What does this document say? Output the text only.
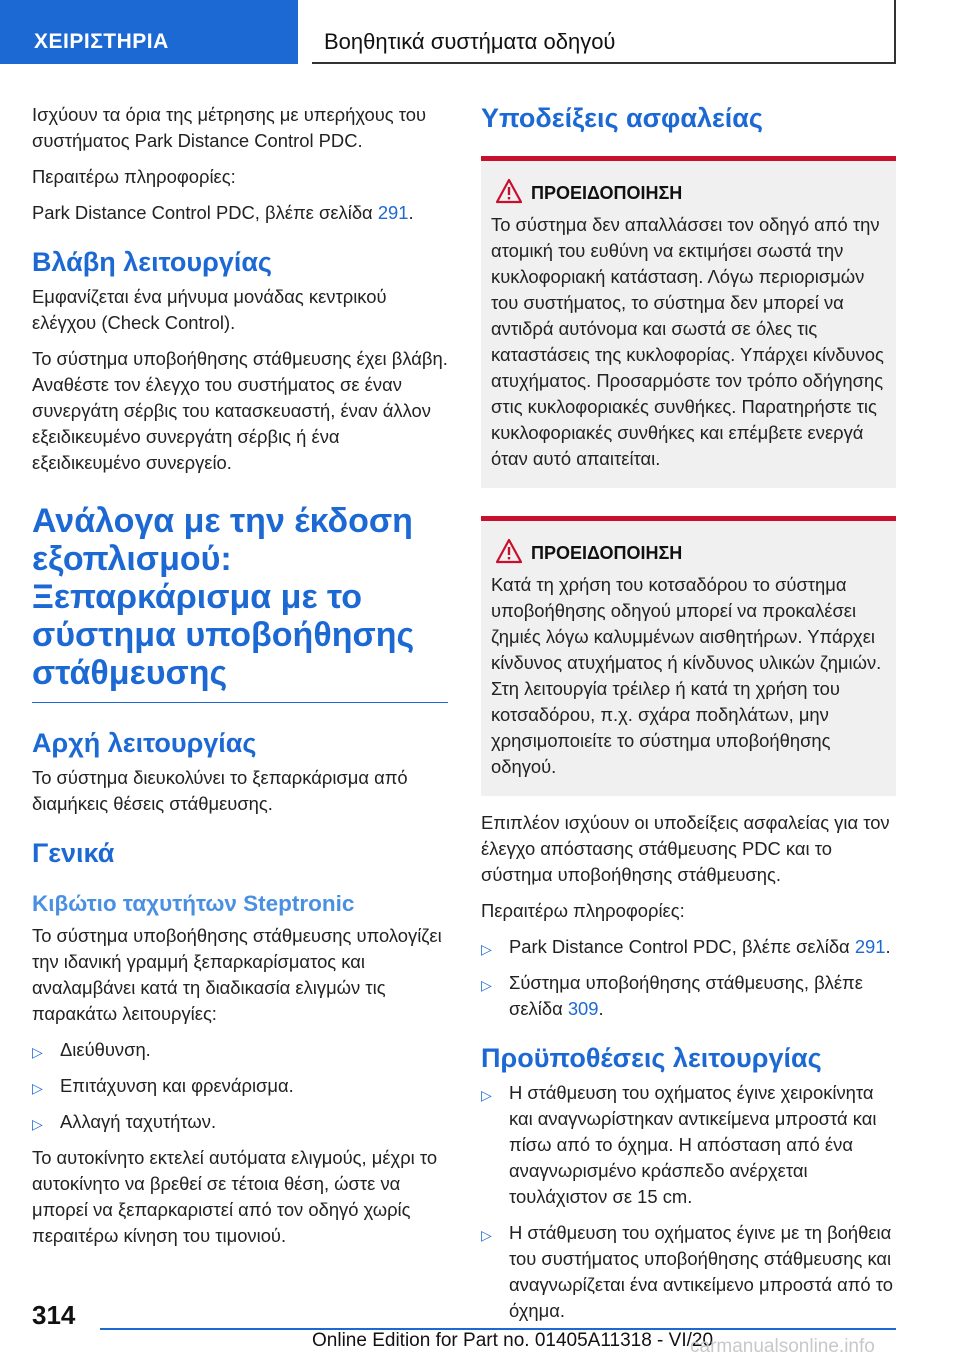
ΧΕΙΡΙΣΤΗΡΙΑ	Βοηθητικά συστήματα οδηγού

Ισχύουν τα όρια της μέτρησης με υπερήχους του συστήματος Park Distance Control PDC.

Περαιτέρω πληροφορίες:

Park Distance Control PDC, βλέπε σελίδα 291.

Βλάβη λειτουργίας

Εμφανίζεται ένα μήνυμα μονάδας κεντρικού ελέγχου (Check Control).

Το σύστημα υποβοήθησης στάθμευσης έχει βλάβη. Αναθέστε τον έλεγχο του συστήματος σε έναν συνεργάτη σέρβις του κατασκευαστή, έναν άλλον εξειδικευμένο συνεργάτη σέρβις ή ένα εξειδικευμένο συνεργείο.

Ανάλογα με την έκδοση εξοπλισμού: Ξεπαρκάρισμα με το σύστημα υποβοήθησης στάθμευσης
Αρχή λειτουργίας

Το σύστημα διευκολύνει το ξεπαρκάρισμα από διαμήκεις θέσεις στάθμευσης.

Γενικά
Κιβώτιο ταχυτήτων Steptronic

Το σύστημα υποβοήθησης στάθμευσης υπολογίζει την ιδανική γραμμή ξεπαρκαρίσματος και αναλαμβάνει κατά τη διαδικασία ελιγμών τις παρακάτω λειτουργίες:

▷ Διεύθυνση.
▷ Επιτάχυνση και φρενάρισμα.
▷ Αλλαγή ταχυτήτων.

Το αυτοκίνητο εκτελεί αυτόματα ελιγμούς, μέχρι το αυτοκίνητο να βρεθεί σε τέτοια θέση, ώστε να μπορεί να ξεπαρκαριστεί από τον οδηγό χωρίς περαιτέρω κίνηση του τιμονιού.

Υποδείξεις ασφαλείας
ΠΡΟΕΙΔΟΠΟΙΗΣΗ

Το σύστημα δεν απαλλάσσει τον οδηγό από την ατομική του ευθύνη να εκτιμήσει σωστά την κυκλοφοριακή κατάσταση. Λόγω περιορισμών του συστήματος, το σύστημα δεν μπορεί να αντιδρά αυτόνομα και σωστά σε όλες τις καταστάσεις της κυκλοφορίας. Υπάρχει κίνδυνος ατυχήματος. Προσαρμόστε τον τρόπο οδήγησης στις κυκλοφοριακές συνθήκες. Παρατηρήστε τις κυκλοφοριακές συνθήκες και επέμβετε ενεργά όταν αυτό απαιτείται.

ΠΡΟΕΙΔΟΠΟΙΗΣΗ

Κατά τη χρήση του κοτσαδόρου το σύστημα υποβοήθησης οδηγού μπορεί να προκαλέσει ζημιές λόγω καλυμμένων αισθητήρων. Υπάρχει κίνδυνος ατυχήματος ή κίνδυνος υλικών ζημιών. Στη λειτουργία τρέιλερ ή κατά τη χρήση του κοτσαδόρου, π.χ. σχάρα ποδηλάτων, μην χρησιμοποιείτε το σύστημα υποβοήθησης οδηγού.

Επιπλέον ισχύουν οι υποδείξεις ασφαλείας για τον έλεγχο απόστασης στάθμευσης PDC και το σύστημα υποβοήθησης στάθμευσης.

Περαιτέρω πληροφορίες:

▷ Park Distance Control PDC, βλέπε σελίδα 291.
▷ Σύστημα υποβοήθησης στάθμευσης, βλέπε σελίδα 309.
Προϋποθέσεις λειτουργίας
▷ Η στάθμευση του οχήματος έγινε χειροκίνητα και αναγνωρίστηκαν αντικείμενα μπροστά και πίσω από το όχημα. Η απόσταση από ένα αναγνωρισμένο κράσπεδο ανέρχεται τουλάχιστον σε 15 cm.
▷ Η στάθμευση του οχήματος έγινε με τη βοήθεια του συστήματος υποβοήθησης στάθμευσης και αναγνωρίζεται ένα αντικείμενο μπροστά από το όχημα.
314
Online Edition for Part no. 01405A11318 - VI/20
carmanualsonline.info
